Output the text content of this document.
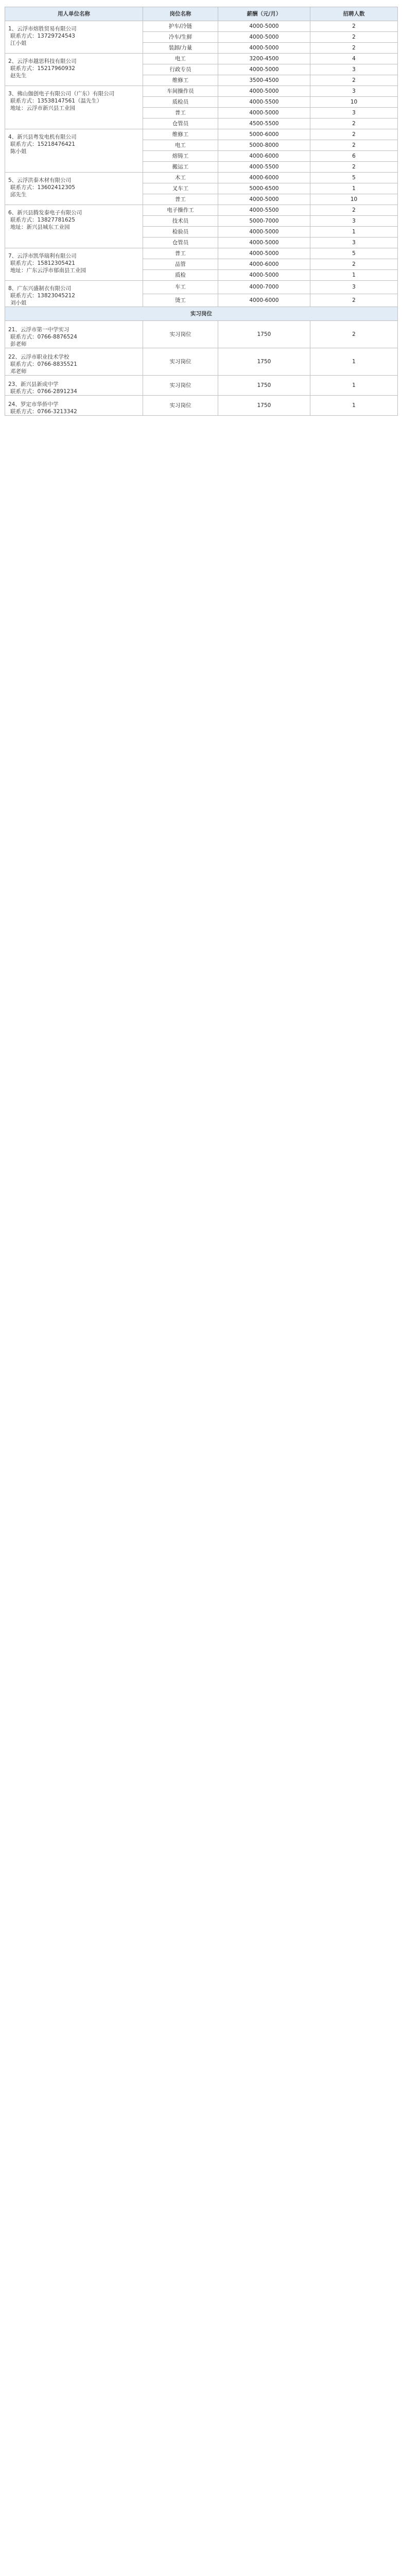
用人单位名称	岗位名称	薪酬（元/月）	招聘人数

1、云浮市熔胜贸易有限公司
联系方式：13729724543
江小姐	护车/冷链	4000-5000	2
	冷车/生鲜	4000-5000	2
	装卸/力量	4000-5000	2

2、云浮市越思科技有限公司
联系方式：15217960932
赵先生	电工	3200-4500	4
	行政专员	4000-5000	3
	维修工	3500-4500	2

3、佛山伽创电子有限公司（广东）有限公司
联系方式：13538147561（温先生）
地址：云浮市新兴县工业园	车间操作员	4000-5000	3
	质检员	4000-5500	10
	普工	4000-5000	3
	仓管员	4500-5500	2

4、新兴县粤发电机有限公司
联系方式：15218476421
陈小姐	维修工	5000-6000	2
	电工	5000-8000	2
	熔铸工	4000-6000	6
	搬运工	4000-5500	2

5、云浮洪泰木材有限公司
联系方式：13602412305
邱先生	木工	4000-6000	5
	叉车工	5000-6500	1
	普工	4000-5000	10

6、新兴县腾发泰电子有限公司
联系方式：13827781625
地址：新兴县城东工业园	电子操作工	4000-5500	2
	技术员	5000-7000	3
	检验员	4000-5000	1
	仓管员	4000-5000	3

7、云浮市凯华瑞利有限公司
联系方式：15812305421
地址：广东云浮市郁南县工业园	普工	4000-5000	5
	品管	4000-6000	2
	质检	4000-5000	1

8、广东兴盛制衣有限公司
联系方式：13823045212
刘小姐	车工	4000-7000	3
	烫工	4000-6000	2
实习岗位			

21、云浮市第一中学实习
联系方式：0766-8876524
彭老师	实习岗位	1750	2

22、云浮市职业技术学校
联系方式：0766-8835521
邓老师	实习岗位	1750	1

23、新兴县新成中学
联系方式：0766-2891234	实习岗位	1750	1

24、罗定市华侨中学
联系方式：0766-3213342	实习岗位	1750	1
